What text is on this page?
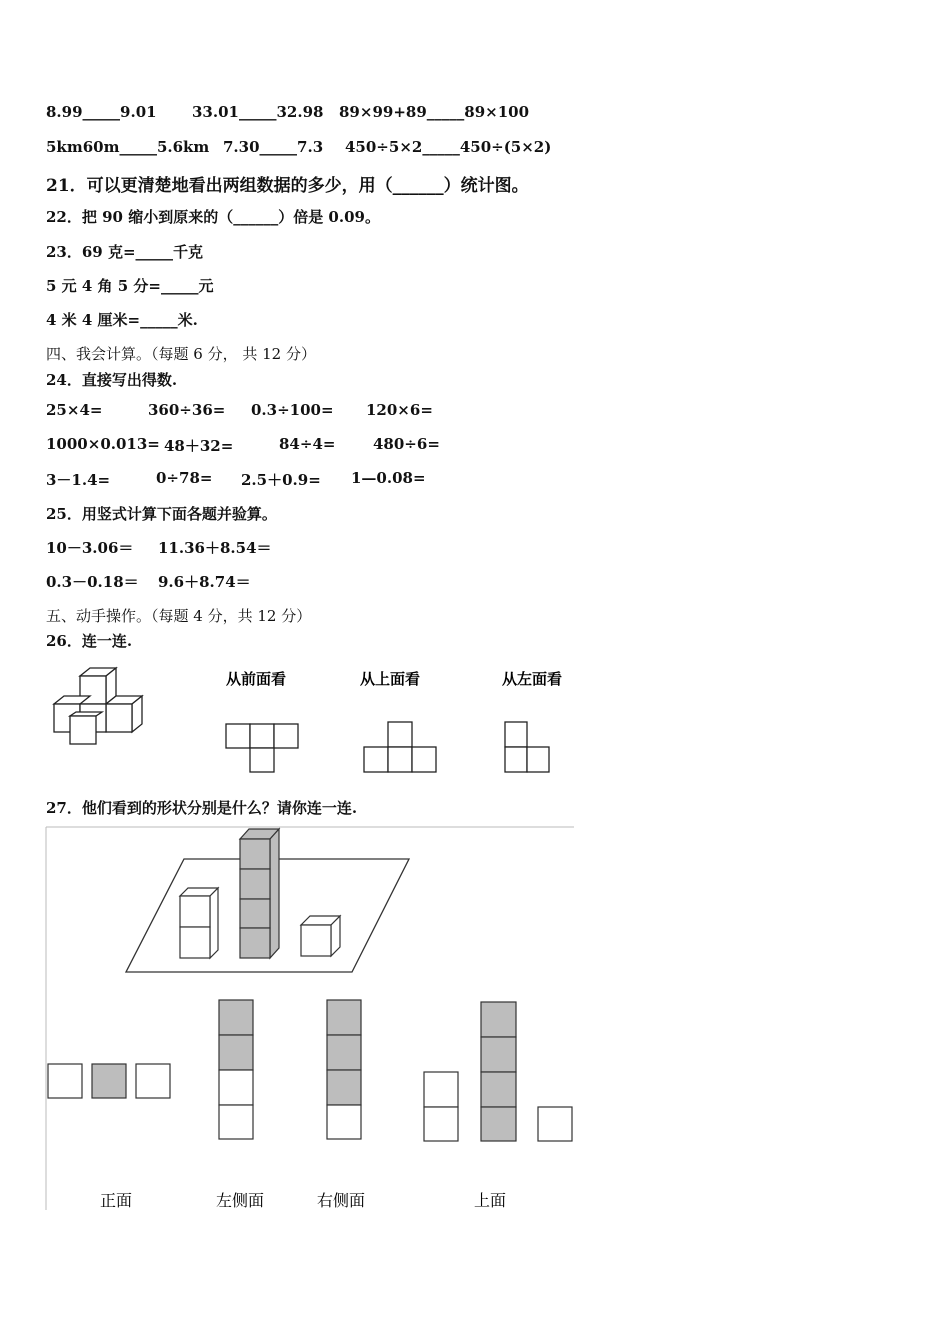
8.99_____9.01 33.01_____32.98 89×99+89_____89×100
5km60m_____5.6km 7.30_____7.3 450÷5×2_____450÷(5×2)
21．可以更清楚地看出两组数据的多少，用（______）统计图。
22．把 90 缩小到原来的（______）倍是 0.09。
23．69 克=_____千克
5 元 4 角 5 分=_____元
4 米 4 厘米=_____米.
四、我会计算。（每题 6 分， 共 12 分）
24．直接写出得数.
25×4=	360÷36= 0.3÷100= 120×6=
1000×0.013= 48＋32=	84÷4=	480÷6=
3－1.4=	0÷78= 2.5＋0.9= 1—0.08=
25．用竖式计算下面各题并验算。
10－3.06＝ 11.36＋8.54＝
0.3－0.18＝ 9.6＋8.74＝
五、动手操作。（每题 4 分，共 12 分）
26．连一连.
从前面看	从上面看	从左面看
27．他们看到的形状分别是什么？请你连一连.
正面	左侧面	右侧面	上面
